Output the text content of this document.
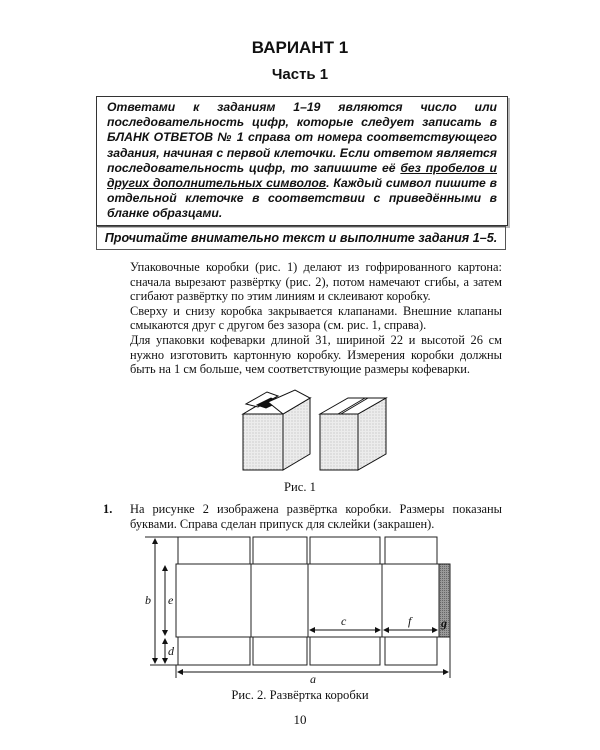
ВАРИАНТ 1
Часть 1
Ответами к заданиям 1–19 являются число или последовательность цифр, которые следует записать в БЛАНК ОТВЕТОВ № 1 справа от номера соответствующего задания, начиная с первой клеточки. Если ответом является последовательность цифр, то запишите её без пробелов и других дополнительных символов. Каждый символ пишите в отдельной клеточке в соответствии с приведёнными в бланке образцами.
Прочитайте внимательно текст и выполните задания 1–5.

Упаковочные коробки (рис. 1) делают из гофрированного картона: сначала вырезают развёртку (рис. 2), потом намечают сгибы, а затем сгибают развёртку по этим линиям и склеивают коробку.

Сверху и снизу коробка закрывается клапанами. Внешние клапаны смыкаются друг с другом без зазора (см. рис. 1, справа).

Для упаковки кофеварки длиной 31, шириной 22 и высотой 26 см нужно изготовить картонную коробку. Измерения коробки должны быть на 1 см больше, чем соответствующие размеры кофеварки.

b e
d
c	f g
a
Рис. 1
1. На рисунке 2 изображена развёртка коробки. Размеры показаны буквами. Справа сделан припуск для склейки (закрашен).
Рис. 2. Развёртка коробки
10
